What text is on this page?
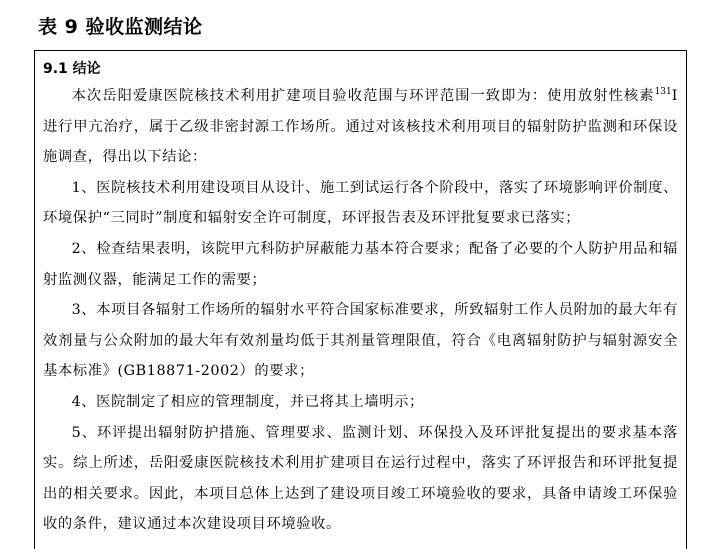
表 9 验收监测结论
9.1 结论

本次岳阳爱康医院核技术利用扩建项目验收范围与环评范围一致即为：使用放射性核素$^{131}$I 进行甲亢治疗，属于乙级非密封源工作场所。通过对该核技术利用项目的辐射防护监测和环保设施调查，得出以下结论：

1、医院核技术利用建设项目从设计、施工到试运行各个阶段中，落实了环境影响评价制度、环境保护“三同时”制度和辐射安全许可制度，环评报告表及环评批复要求已落实；

2、检查结果表明，该院甲亢科防护屏蔽能力基本符合要求；配备了必要的个人防护用品和辐射监测仪器，能满足工作的需要；

3、本项目各辐射工作场所的辐射水平符合国家标准要求，所致辐射工作人员附加的最大年有效剂量与公众附加的最大年有效剂量均低于其剂量管理限值，符合《电离辐射防护与辐射源安全基本标准》(GB18871-2002）的要求；

4、医院制定了相应的管理制度，并已将其上墙明示；

5、环评提出辐射防护措施、管理要求、监测计划、环保投入及环评批复提出的要求基本落实。综上所述，岳阳爱康医院核技术利用扩建项目在运行过程中，落实了环评报告和环评批复提出的相关要求。因此，本项目总体上达到了建设项目竣工环境验收的要求，具备申请竣工环保验收的条件，建议通过本次建设项目环境验收。
